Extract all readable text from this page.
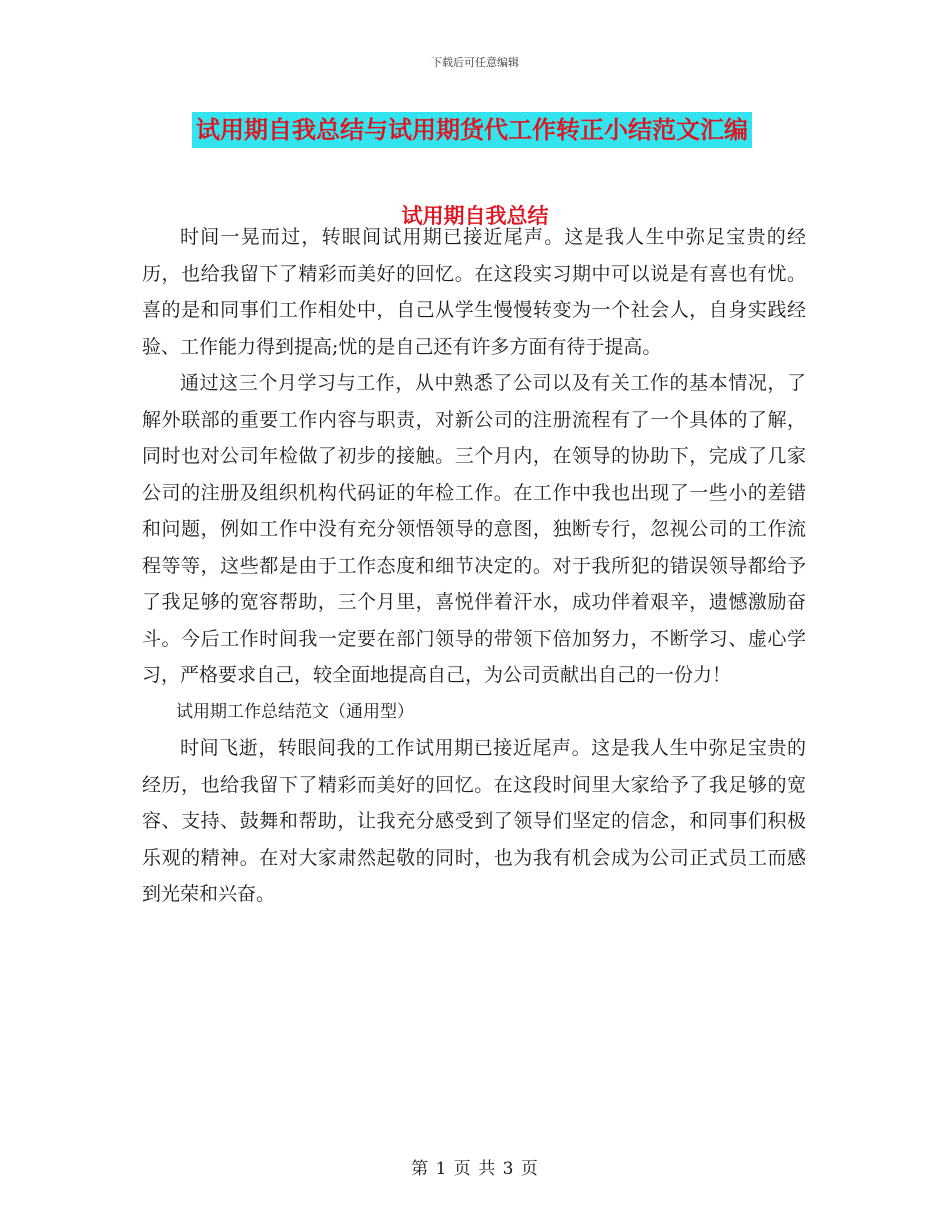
下载后可任意编辑
试用期自我总结与试用期货代工作转正小结范文汇编
试用期自我总结

时间一晃而过，转眼间试用期已接近尾声。这是我人生中弥足宝贵的经历，也给我留下了精彩而美好的回忆。在这段实习期中可以说是有喜也有忧。喜的是和同事们工作相处中，自己从学生慢慢转变为一个社会人，自身实践经验、工作能力得到提高;忧的是自己还有许多方面有待于提高。

通过这三个月学习与工作，从中熟悉了公司以及有关工作的基本情况，了解外联部的重要工作内容与职责，对新公司的注册流程有了一个具体的了解，同时也对公司年检做了初步的接触。三个月内，在领导的协助下，完成了几家公司的注册及组织机构代码证的年检工作。在工作中我也出现了一些小的差错和问题，例如工作中没有充分领悟领导的意图，独断专行，忽视公司的工作流程等等，这些都是由于工作态度和细节决定的。对于我所犯的错误领导都给予了我足够的宽容帮助，三个月里，喜悦伴着汗水，成功伴着艰辛，遗憾激励奋斗。今后工作时间我一定要在部门领导的带领下倍加努力，不断学习、虚心学习，严格要求自己，较全面地提高自己，为公司贡献出自己的一份力！

试用期工作总结范文（通用型）

时间飞逝，转眼间我的工作试用期已接近尾声。这是我人生中弥足宝贵的经历，也给我留下了精彩而美好的回忆。在这段时间里大家给予了我足够的宽容、支持、鼓舞和帮助，让我充分感受到了领导们坚定的信念，和同事们积极乐观的精神。在对大家肃然起敬的同时，也为我有机会成为公司正式员工而感到光荣和兴奋。

第 1 页 共 3 页
